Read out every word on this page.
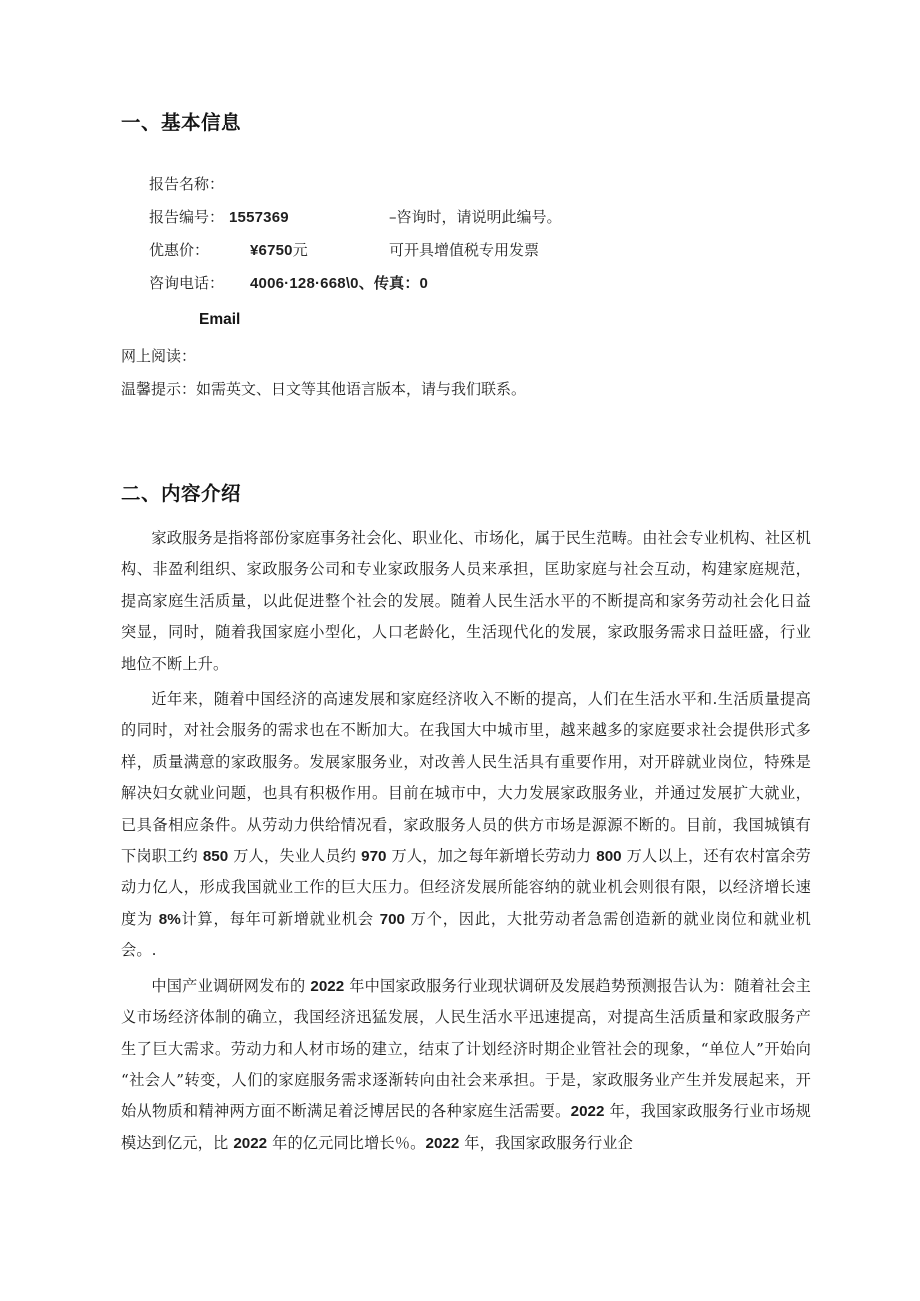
一、基本信息
报告名称：
报告编号： 1557369	–咨询时，请说明此编号。
优惠价：	¥6750元	可开具增值税专用发票
咨询电话： 4006·128·668\0、传真：0
Email
网上阅读：
温馨提示：如需英文、日文等其他语言版本，请与我们联系。
二、内容介绍

家政服务是指将部份家庭事务社会化、职业化、市场化，属于民生范畴。由社会专业机构、社区机构、非盈利组织、家政服务公司和专业家政服务人员来承担，匡助家庭与社会互动，构建家庭规范，提高家庭生活质量，以此促进整个社会的发展。随着人民生活水平的不断提高和家务劳动社会化日益突显，同时，随着我国家庭小型化，人口老龄化，生活现代化的发展，家政服务需求日益旺盛，行业地位不断上升。

近年来，随着中国经济的高速发展和家庭经济收入不断的提高，人们在生活水平和.生活质量提高的同时，对社会服务的需求也在不断加大。在我国大中城市里，越来越多的家庭要求社会提供形式多样，质量满意的家政服务。发展家服务业，对改善人民生活具有重要作用，对开辟就业岗位，特殊是解决妇女就业问题，也具有积极作用。目前在城市中，大力发展家政服务业，并通过发展扩大就业，已具备相应条件。从劳动力供给情况看，家政服务人员的供方市场是源源不断的。目前，我国城镇有下岗职工约 850 万人，失业人员约 970 万人，加之每年新增长劳动力 800 万人以上，还有农村富余劳动力亿人，形成我国就业工作的巨大压力。但经济发展所能容纳的就业机会则很有限，以经济增长速度为 8%计算，每年可新增就业机会 700 万个，因此，大批劳动者急需创造新的就业岗位和就业机会。.

中国产业调研网发布的 2022 年中国家政服务行业现状调研及发展趋势预测报告认为：随着社会主义市场经济体制的确立，我国经济迅猛发展，人民生活水平迅速提高，对提高生活质量和家政服务产生了巨大需求。劳动力和人材市场的建立，结束了计划经济时期企业管社会的现象，“单位人”开始向“社会人”转变，人们的家庭服务需求逐渐转向由社会来承担。于是，家政服务业产生并发展起来，开始从物质和精神两方面不断满足着泛博居民的各种家庭生活需要。2022 年，我国家政服务行业市场规模达到亿元，比 2022 年的亿元同比增长％。2022 年，我国家政服务行业企
